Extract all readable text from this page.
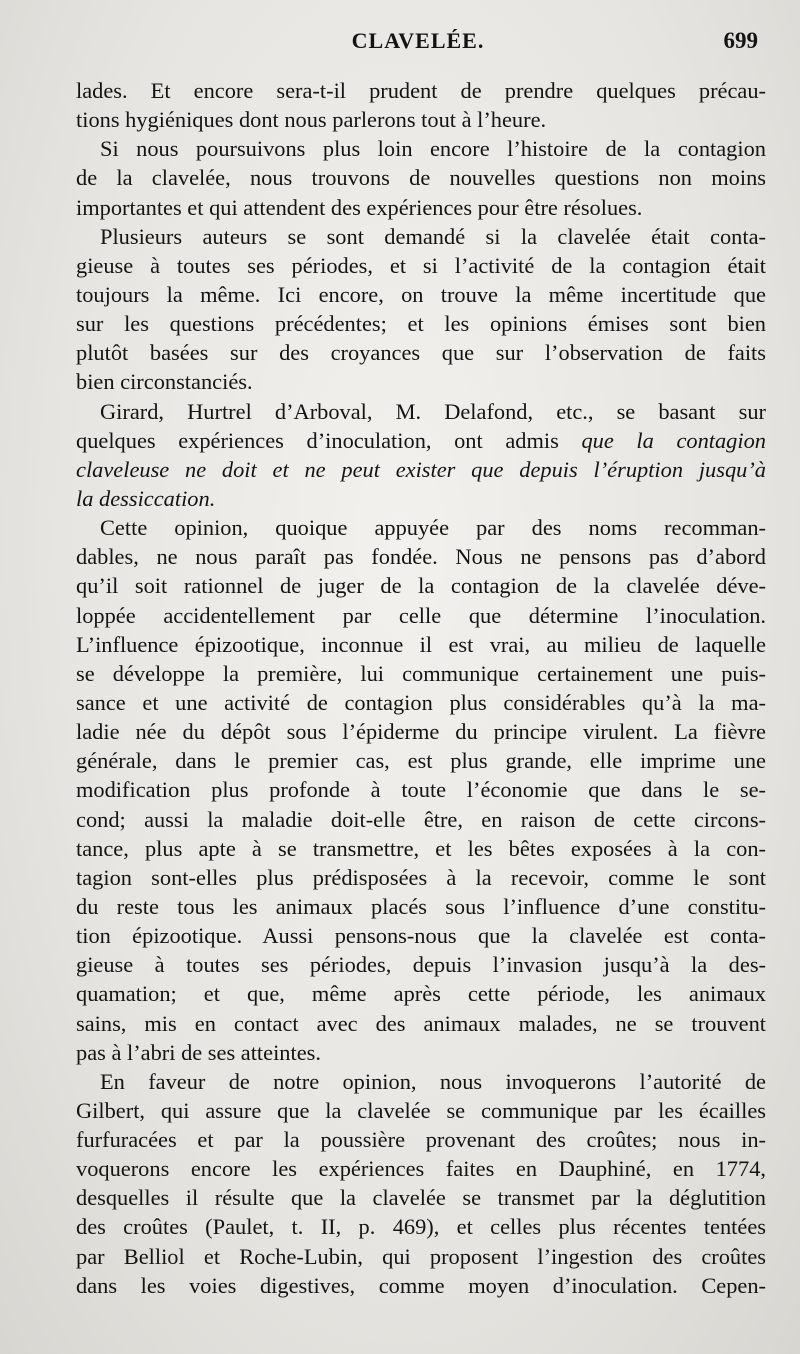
CLAVELÉE.	699
lades. Et encore sera-t-il prudent de prendre quelques précau-
tions hygiéniques dont nous parlerons tout à l’heure.
Si nous poursuivons plus loin encore l’histoire de la contagion
de la clavelée, nous trouvons de nouvelles questions non moins
importantes et qui attendent des expériences pour être résolues.
Plusieurs auteurs se sont demandé si la clavelée était conta-
gieuse à toutes ses périodes, et si l’activité de la contagion était
toujours la même. Ici encore, on trouve la même incertitude que
sur les questions précédentes; et les opinions émises sont bien
plutôt basées sur des croyances que sur l’observation de faits
bien circonstanciés.
Girard, Hurtrel d’Arboval, M. Delafond, etc., se basant sur
quelques expériences d’inoculation, ont admis que la contagion
claveleuse ne doit et ne peut exister que depuis l’éruption jusqu’à
la dessiccation.
Cette opinion, quoique appuyée par des noms recomman-
dables, ne nous paraît pas fondée. Nous ne pensons pas d’abord
qu’il soit rationnel de juger de la contagion de la clavelée déve-
loppée accidentellement par celle que détermine l’inoculation.
L’influence épizootique, inconnue il est vrai, au milieu de laquelle
se développe la première, lui communique certainement une puis-
sance et une activité de contagion plus considérables qu’à la ma-
ladie née du dépôt sous l’épiderme du principe virulent. La fièvre
générale, dans le premier cas, est plus grande, elle imprime une
modification plus profonde à toute l’économie que dans le se-
cond; aussi la maladie doit-elle être, en raison de cette circons-
tance, plus apte à se transmettre, et les bêtes exposées à la con-
tagion sont-elles plus prédisposées à la recevoir, comme le sont
du reste tous les animaux placés sous l’influence d’une constitu-
tion épizootique. Aussi pensons-nous que la clavelée est conta-
gieuse à toutes ses périodes, depuis l’invasion jusqu’à la des-
quamation; et que, même après cette période, les animaux
sains, mis en contact avec des animaux malades, ne se trouvent
pas à l’abri de ses atteintes.
En faveur de notre opinion, nous invoquerons l’autorité de
Gilbert, qui assure que la clavelée se communique par les écailles
furfuracées et par la poussière provenant des croûtes; nous in-
voquerons encore les expériences faites en Dauphiné, en 1774,
desquelles il résulte que la clavelée se transmet par la déglutition
des croûtes (Paulet, t. II, p. 469), et celles plus récentes tentées
par Belliol et Roche-Lubin, qui proposent l’ingestion des croûtes
dans les voies digestives, comme moyen d’inoculation. Cepen-
